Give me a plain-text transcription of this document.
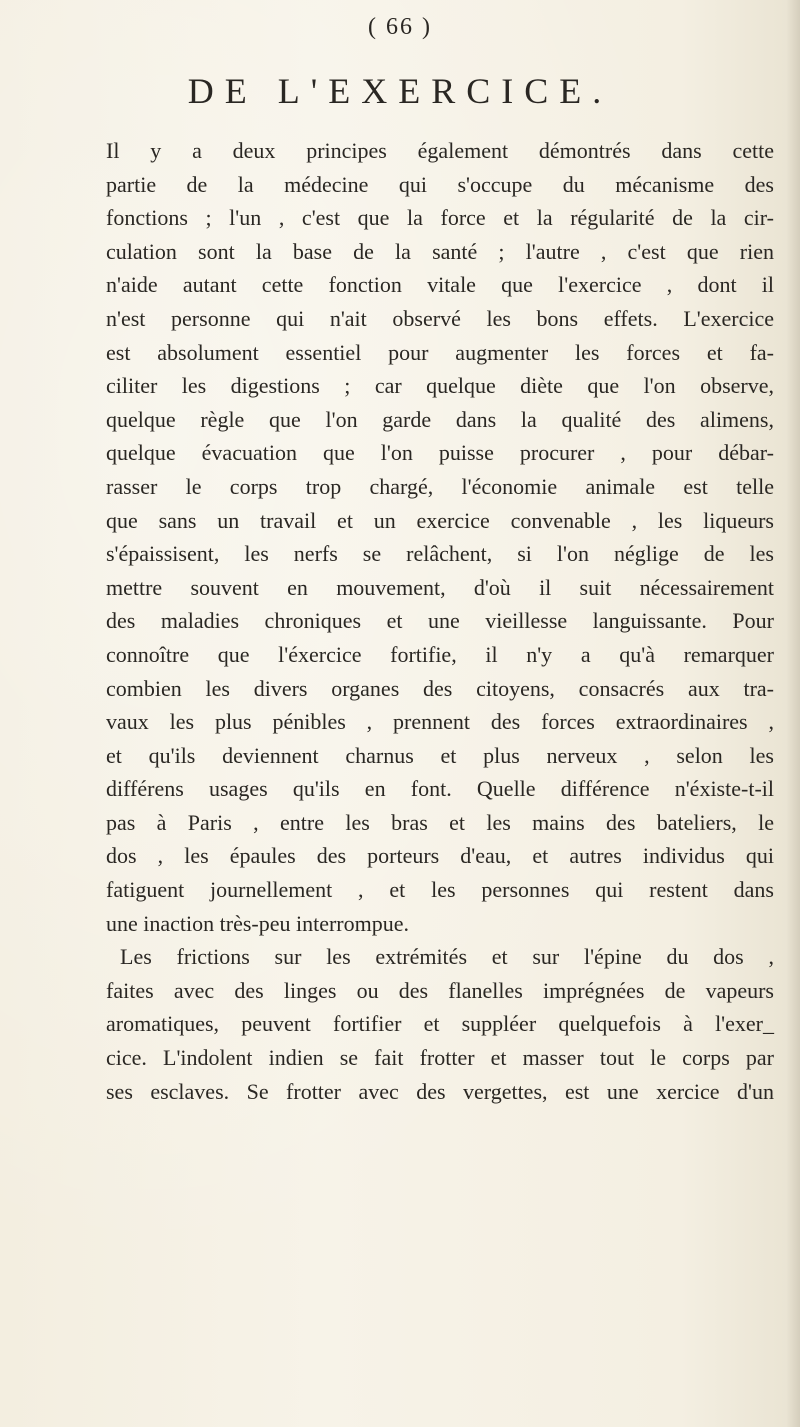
( 66 )
DE L'EXERCICE.
Il y a deux principes également démontrés dans cette
partie de la médecine qui s'occupe du mécanisme des
fonctions ; l'un , c'est que la force et la régularité de la cir-
culation sont la base de la santé ; l'autre , c'est que rien
n'aide autant cette fonction vitale que l'exercice , dont il
n'est personne qui n'ait observé les bons effets. L'exercice
est absolument essentiel pour augmenter les forces et fa-
ciliter les digestions ; car quelque diète que l'on observe,
quelque règle que l'on garde dans la qualité des alimens,
quelque évacuation que l'on puisse procurer , pour débar-
rasser le corps trop chargé, l'économie animale est telle
que sans un travail et un exercice convenable , les liqueurs
s'épaissisent, les nerfs se relâchent, si l'on néglige de les
mettre souvent en mouvement, d'où il suit nécessairement
des maladies chroniques et une vieillesse languissante. Pour
connoître que l'éxercice fortifie, il n'y a qu'à remarquer
combien les divers organes des citoyens, consacrés aux tra-
vaux les plus pénibles , prennent des forces extraordinaires ,
et qu'ils deviennent charnus et plus nerveux , selon les
différens usages qu'ils en font. Quelle différence n'éxiste-t-il
pas à Paris , entre les bras et les mains des bateliers, le
dos , les épaules des porteurs d'eau, et autres individus qui
fatiguent journellement , et les personnes qui restent dans
une inaction très-peu interrompue.
Les frictions sur les extrémités et sur l'épine du dos ,
faites avec des linges ou des flanelles imprégnées de vapeurs
aromatiques, peuvent fortifier et suppléer quelquefois à l'exer_
cice. L'indolent indien se fait frotter et masser tout le corps par
ses esclaves. Se frotter avec des vergettes, est une xercice d'un
